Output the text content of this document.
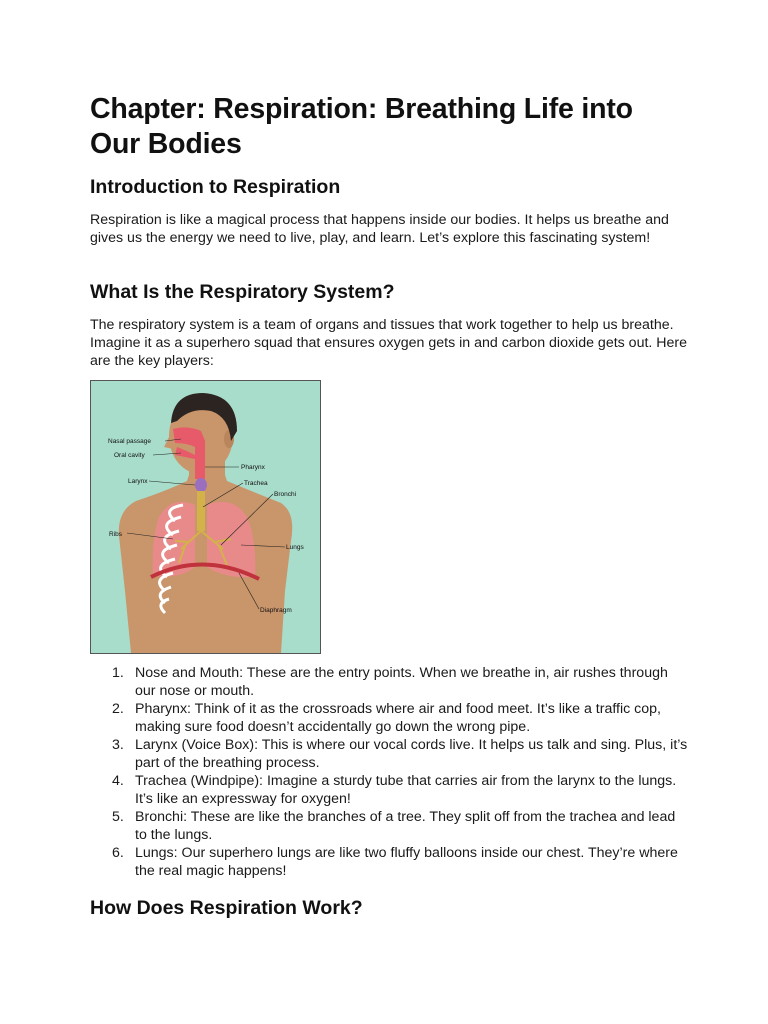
Chapter: Respiration: Breathing Life into Our Bodies
Introduction to Respiration

Respiration is like a magical process that happens inside our bodies. It helps us breathe and gives us the energy we need to live, play, and learn. Let’s explore this fascinating system!

What Is the Respiratory System?

The respiratory system is a team of organs and tissues that work together to help us breathe. Imagine it as a superhero squad that ensures oxygen gets in and carbon dioxide gets out. Here are the key players:

Nasal passage
Oral cavity
Larynx
Ribs
Pharynx
Trachea
Bronchi
Lungs
Diaphragm
1. Nose and Mouth: These are the entry points. When we breathe in, air rushes through our nose or mouth.
2. Pharynx: Think of it as the crossroads where air and food meet. It’s like a traffic cop, making sure food doesn’t accidentally go down the wrong pipe.
3. Larynx (Voice Box): This is where our vocal cords live. It helps us talk and sing. Plus, it’s part of the breathing process.
4. Trachea (Windpipe): Imagine a sturdy tube that carries air from the larynx to the lungs. It’s like an expressway for oxygen!
5. Bronchi: These are like the branches of a tree. They split off from the trachea and lead to the lungs.
6. Lungs: Our superhero lungs are like two fluffy balloons inside our chest. They’re where the real magic happens!
How Does Respiration Work?
